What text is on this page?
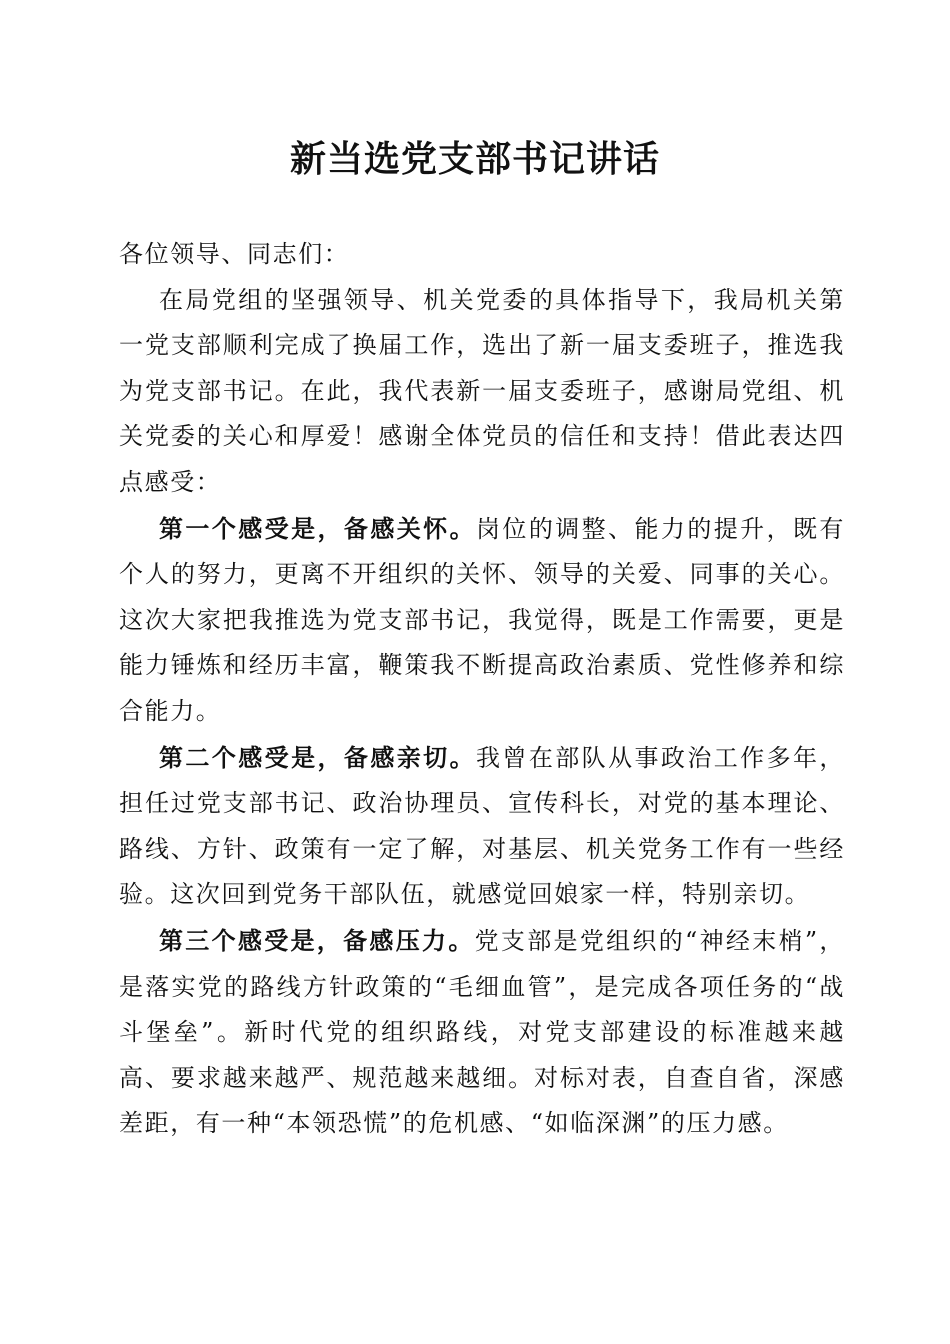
新当选党支部书记讲话

各位领导、同志们：

在局党组的坚强领导、机关党委的具体指导下，我局机关第一党支部顺利完成了换届工作，选出了新一届支委班子，推选我为党支部书记。在此，我代表新一届支委班子，感谢局党组、机关党委的关心和厚爱！感谢全体党员的信任和支持！借此表达四点感受：

第一个感受是，备感关怀。岗位的调整、能力的提升，既有个人的努力，更离不开组织的关怀、领导的关爱、同事的关心。这次大家把我推选为党支部书记，我觉得，既是工作需要，更是能力锤炼和经历丰富，鞭策我不断提高政治素质、党性修养和综合能力。

第二个感受是，备感亲切。我曾在部队从事政治工作多年，担任过党支部书记、政治协理员、宣传科长，对党的基本理论、路线、方针、政策有一定了解，对基层、机关党务工作有一些经验。这次回到党务干部队伍，就感觉回娘家一样，特别亲切。

第三个感受是，备感压力。党支部是党组织的“神经末梢”，是落实党的路线方针政策的“毛细血管”，是完成各项任务的“战斗堡垒”。新时代党的组织路线，对党支部建设的标准越来越高、要求越来越严、规范越来越细。对标对表，自查自省，深感差距，有一种“本领恐慌”的危机感、“如临深渊”的压力感。
